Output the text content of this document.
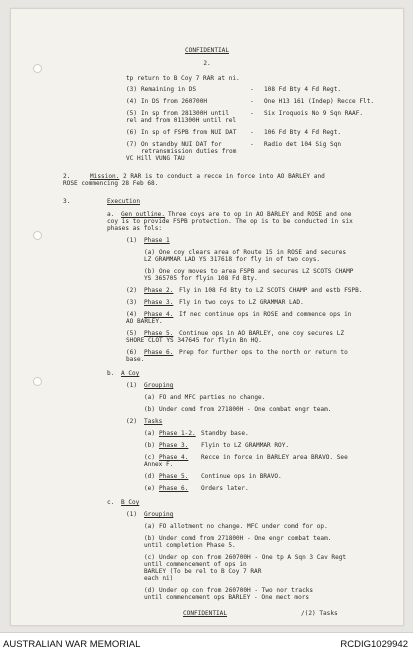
CONFIDENTIAL
2.
tp return to B Coy 7 RAR at ni.
(3) Remaining in DS	- 108 Fd Bty 4 Fd Regt.
(4) In DS from 260700H	- One H13 161 (Indep) Recce Flt.
(5) In sp from 281300H until	- Six Iroquois No 9 Sqn RAAF.
rel and from 011300H until rel
(6) In sp of FSPB from NUI DAT - 106 Fd Bty 4 Fd Regt.
(7) On standby NUI DAT for	- Radio det 104 Sig Sqn
retransmission duties from
VC Hill VUNG TAU
2.	Mission. 2 RAR is to conduct a recce in force into AO BARLEY and
ROSE commencing 28 Feb 68.
3.	Execution
a. Gen outline. Three coys are to op in AO BARLEY and ROSE and one
coy is to provide FSPB protection. The op is to be conducted in six
phases as fols:
(1) Phase 1
(a) One coy clears area of Route 15 in ROSE and secures
LZ GRAMMAR LAD YS 317618 for fly in of two coys.
(b) One coy moves to area FSPB and secures LZ SCOTS CHAMP
YS 365705 for flyin 108 Fd Bty.
(2) Phase 2. Fly in 108 Fd Bty to LZ SCOTS CHAMP and estb FSPB.
(3) Phase 3. Fly in two coys to LZ GRAMMAR LAD.
(4) Phase 4. If nec continue ops in ROSE and commence ops in
AO BARLEY.
(5) Phase 5. Continue ops in AO BARLEY, one coy secures LZ
SHORE CLOT YS 347645 for flyin Bn HQ.
(6) Phase 6. Prep for further ops to the north or return to
base.
b. A Coy
(1) Grouping
(a) FO and MFC parties no change.
(b) Under comd from 271800H - One combat engr team.
(2) Tasks
(a) Phase 1-2. Standby base.
(b) Phase 3. Flyin to LZ GRAMMAR ROY.
(c) Phase 4. Recce in force in BARLEY area BRAVO. See
Annex F.
(d) Phase 5. Continue ops in BRAVO.
(e) Phase 6. Orders later.
c. B Coy
(1) Grouping
(a) FO allotment no change. MFC under comd for op.
(b) Under comd from 271800H - One engr combat team.
until completion Phase 5.
(c) Under op con from 260700H - One tp A Sqn 3 Cav Regt
until commencement of ops in
BARLEY (To be rel to B Coy 7 RAR
each ni)
(d) Under op con from 260700H - Two nor tracks
until commencement ops BARLEY - One mect mors
CONFIDENTIAL	/(2) Tasks
AUSTRALIAN WAR MEMORIAL	RCDIG1029942
